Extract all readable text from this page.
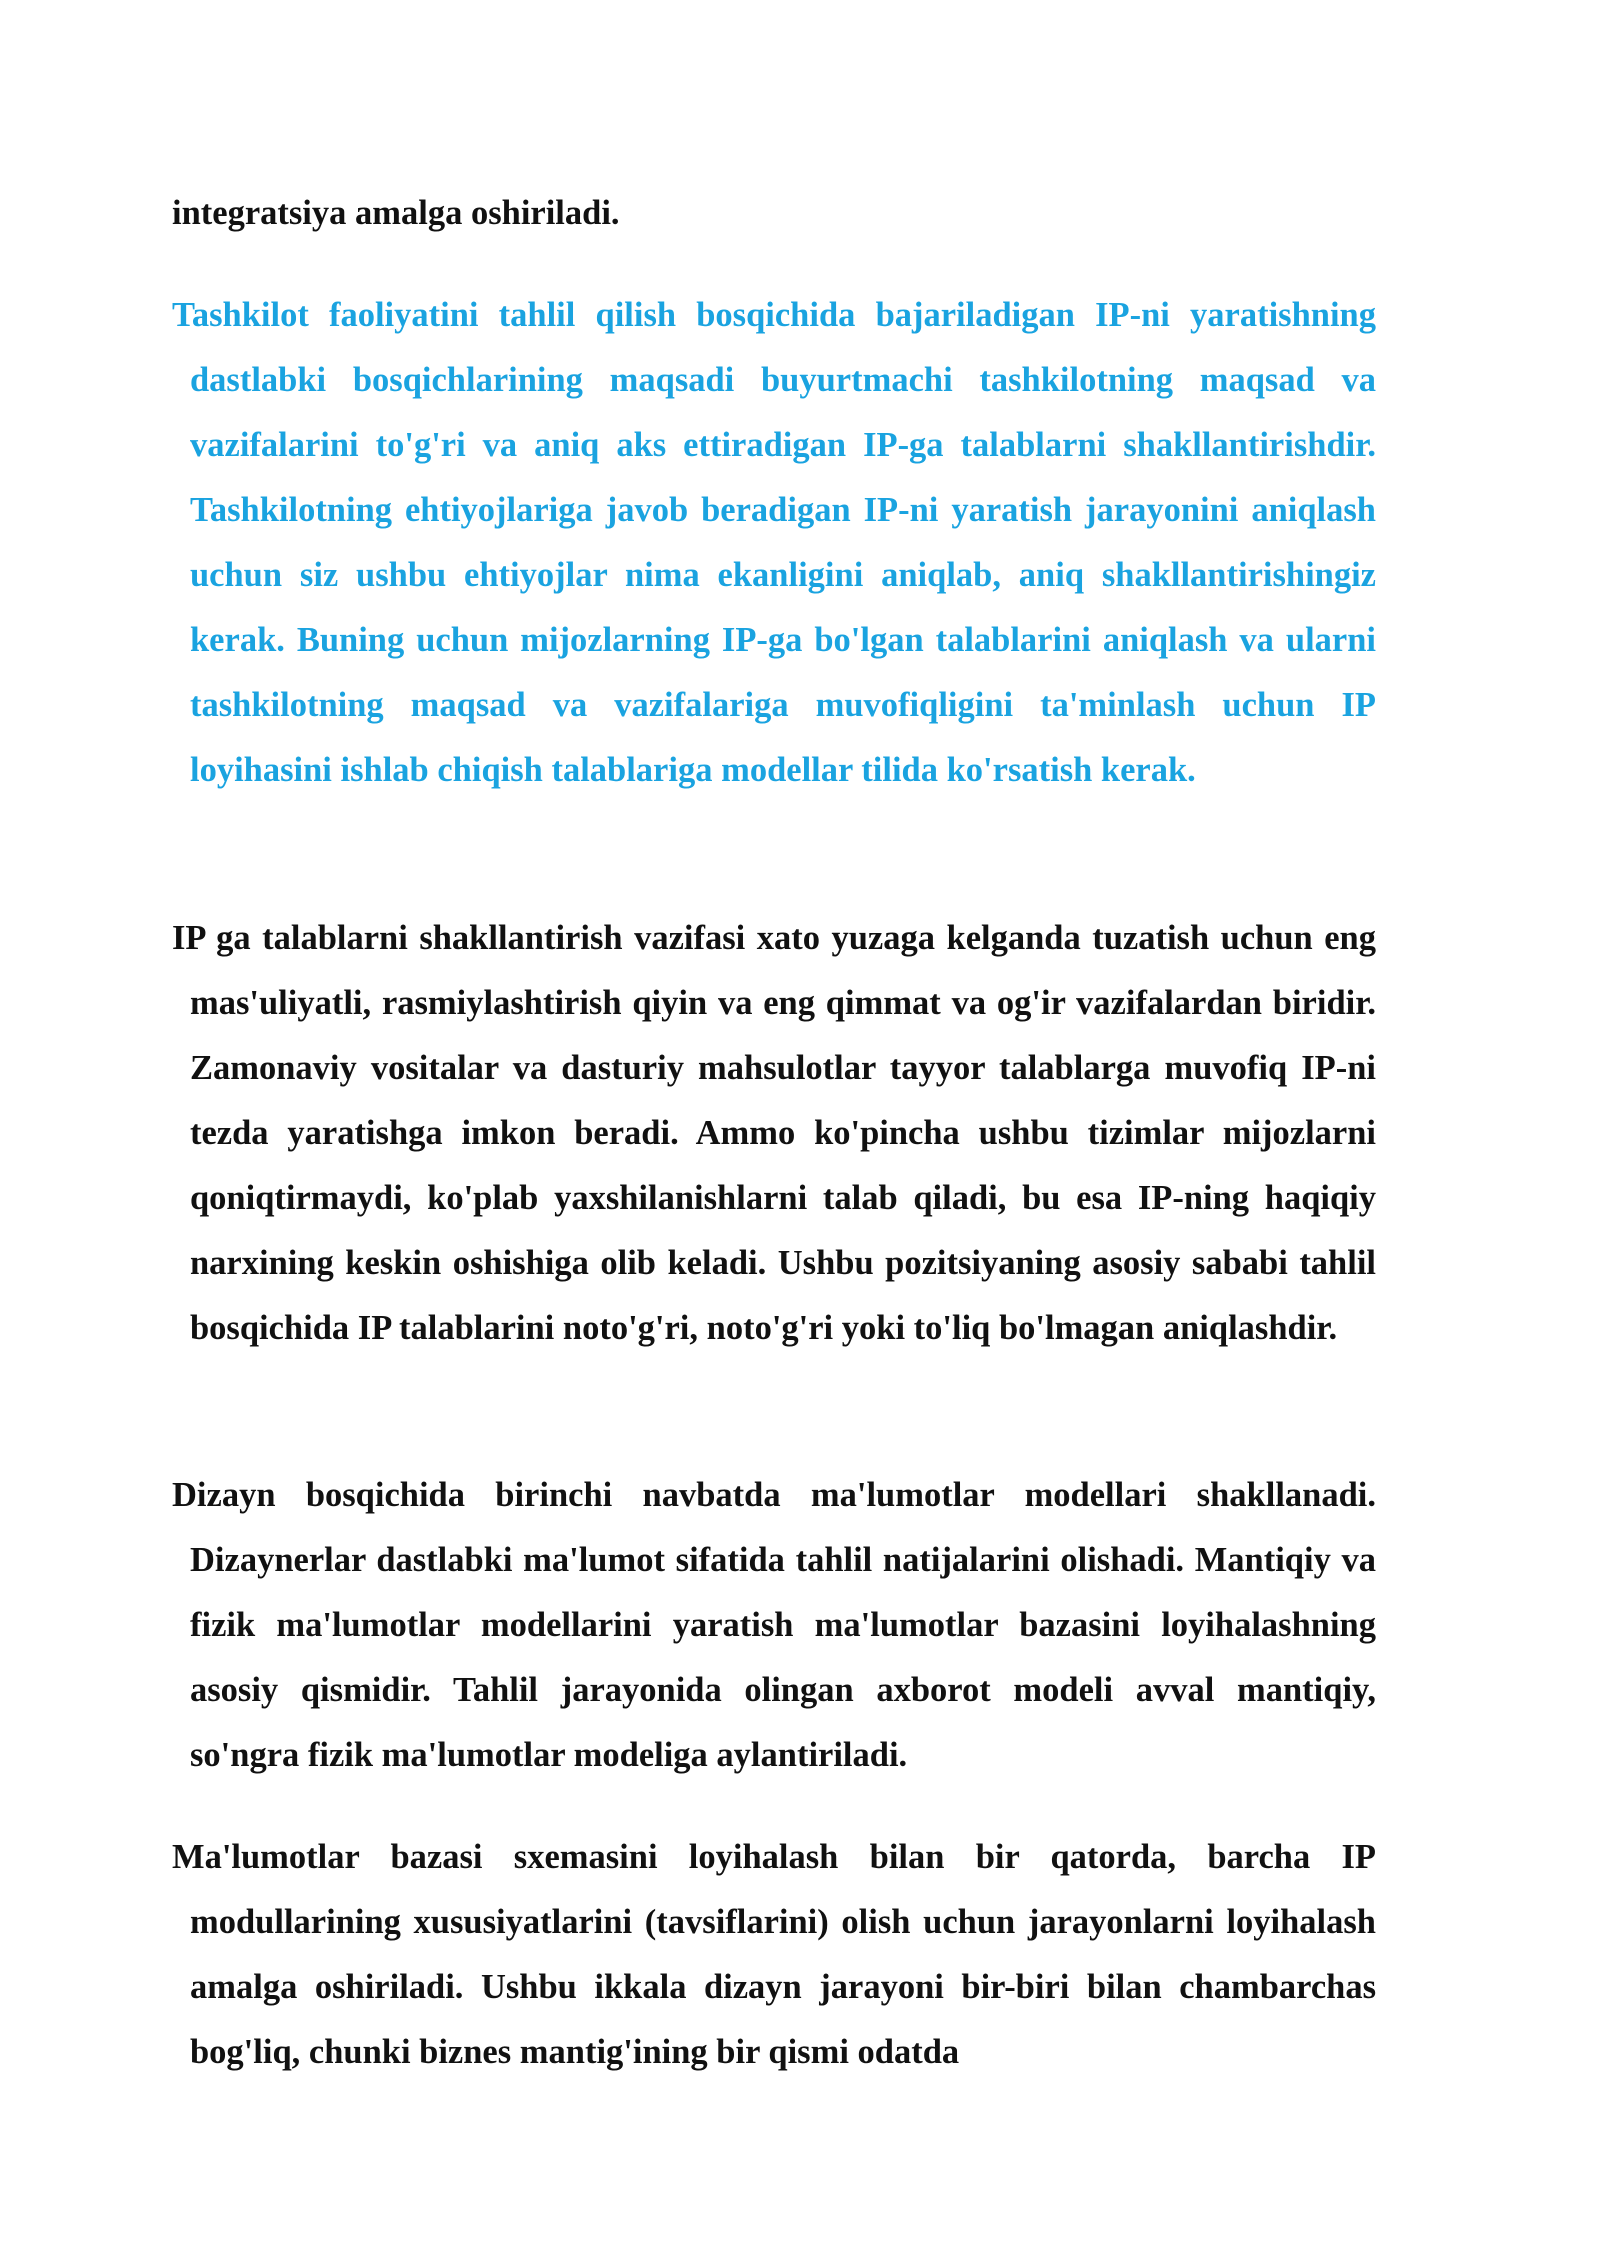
integratsiya amalga oshiriladi.

Tashkilot faoliyatini tahlil qilish bosqichida bajariladigan IP-ni yaratishning dastlabki bosqichlarining maqsadi buyurtmachi tashkilotning maqsad va vazifalarini to'g'ri va aniq aks ettiradigan IP-ga talablarni shakllantirishdir. Tashkilotning ehtiyojlariga javob beradigan IP-ni yaratish jarayonini aniqlash uchun siz ushbu ehtiyojlar nima ekanligini aniqlab, aniq shakllantirishingiz kerak. Buning uchun mijozlarning IP-ga bo'lgan talablarini aniqlash va ularni tashkilotning maqsad va vazifalariga muvofiqligini ta'minlash uchun IP loyihasini ishlab chiqish talablariga modellar tilida ko'rsatish kerak.

IP ga talablarni shakllantirish vazifasi xato yuzaga kelganda tuzatish uchun eng mas'uliyatli, rasmiylashtirish qiyin va eng qimmat va og'ir vazifalardan biridir. Zamonaviy vositalar va dasturiy mahsulotlar tayyor talablarga muvofiq IP-ni tezda yaratishga imkon beradi. Ammo ko'pincha ushbu tizimlar mijozlarni qoniqtirmaydi, ko'plab yaxshilanishlarni talab qiladi, bu esa IP-ning haqiqiy narxining keskin oshishiga olib keladi. Ushbu pozitsiyaning asosiy sababi tahlil bosqichida IP talablarini noto'g'ri, noto'g'ri yoki to'liq bo'lmagan aniqlashdir.

Dizayn bosqichida birinchi navbatda ma'lumotlar modellari shakllanadi. Dizaynerlar dastlabki ma'lumot sifatida tahlil natijalarini olishadi. Mantiqiy va fizik ma'lumotlar modellarini yaratish ma'lumotlar bazasini loyihalashning asosiy qismidir. Tahlil jarayonida olingan axborot modeli avval mantiqiy, so'ngra fizik ma'lumotlar modeliga aylantiriladi.

Ma'lumotlar bazasi sxemasini loyihalash bilan bir qatorda, barcha IP modullarining xususiyatlarini (tavsiflarini) olish uchun jarayonlarni loyihalash amalga oshiriladi. Ushbu ikkala dizayn jarayoni bir-biri bilan chambarchas bog'liq, chunki biznes mantig'ining bir qismi odatda
